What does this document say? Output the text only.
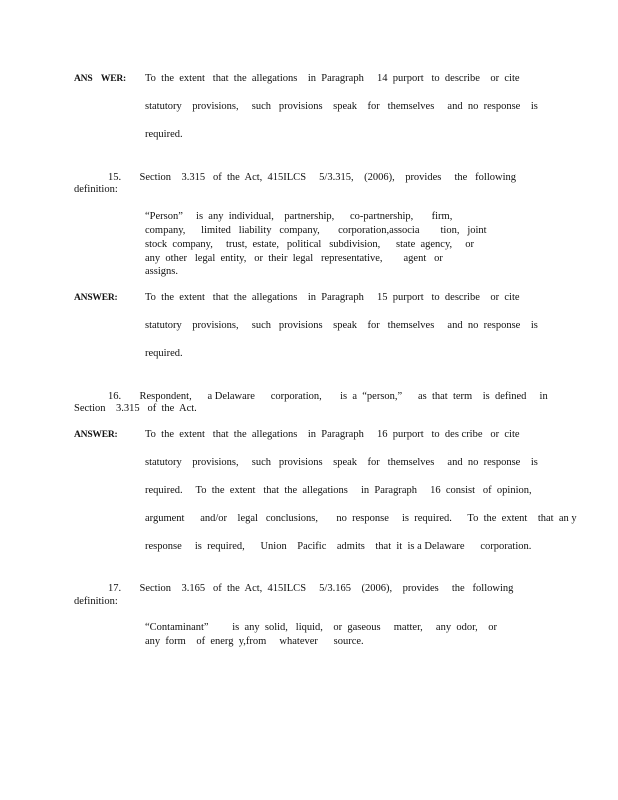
ANS    WER: To  the  extent   that  the  allegations    in  Paragraph     14  purport   to  describe    or  cite
statutory    provisions,     such   provisions    speak    for   themselves     and  no  response    is
required.
15.       Section    3.315   of  the  Act,  415ILCS     5/3.315,    (2006),    provides     the   following
definition:
“Person”     is  any  individual,    partnership,      co-partnership,       firm,
company,      limited   liability   company,       corporation,associa        tion,   joint
stock  company,     trust,  estate,   political   subdivision,      state  agency,     or
any  other   legal  entity,   or  their  legal   representative,        agent   or
assigns.
ANSWER:	To  the  extent   that  the  allegations    in  Paragraph     15  purport   to  describe    or  cite
statutory    provisions,     such   provisions    speak    for   themselves     and  no  response    is
required.
16.       Respondent,      a Delaware      corporation,       is  a  “person,”      as  that  term    is  defined     in
Section    3.315   of  the  Act.
ANSWER:	To  the  extent   that  the  allegations    in  Paragraph     16  purport   to  des cribe   or  cite
statutory    provisions,     such   provisions    speak    for   themselves     and  no  response    is
required.     To  the  extent   that  the  allegations     in  Paragraph     16  consist   of  opinion,
argument      and/or    legal   conclusions,       no  response     is  required.      To  the  extent    that  an y
response     is  required,      Union    Pacific    admits    that  it  is a Delaware      corporation.
17.       Section    3.165   of  the  Act,  415ILCS     5/3.165    (2006),    provides     the   following
definition:
“Contaminant”         is  any  solid,   liquid,    or  gaseous     matter,     any  odor,    or
any  form    of  energ  y,from     whatever      source.
